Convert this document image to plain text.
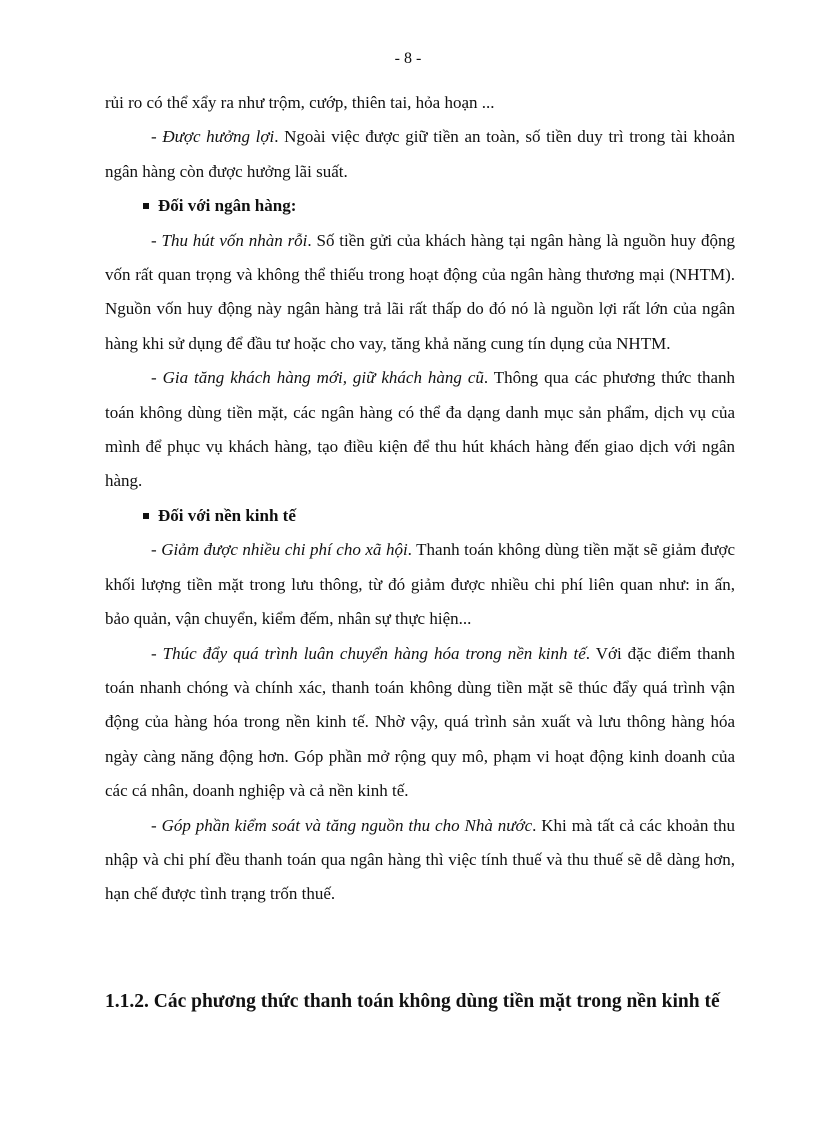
- 8 -

rủi ro có thể xẩy ra như trộm, cướp, thiên tai, hỏa hoạn ...

- Được hưởng lợi. Ngoài việc được giữ tiền an toàn, số tiền duy trì trong tài khoản ngân hàng còn được hưởng lãi suất.

Đối với ngân hàng:

- Thu hút vốn nhàn rỗi. Số tiền gửi của khách hàng tại ngân hàng là nguồn huy động vốn rất quan trọng và không thể thiếu trong hoạt động của ngân hàng thương mại (NHTM). Nguồn vốn huy động này ngân hàng trả lãi rất thấp do đó nó là nguồn lợi rất lớn của ngân hàng khi sử dụng để đầu tư hoặc cho vay, tăng khả năng cung tín dụng của NHTM.

- Gia tăng khách hàng mới, giữ khách hàng cũ. Thông qua các phương thức thanh toán không dùng tiền mặt, các ngân hàng có thể đa dạng danh mục sản phẩm, dịch vụ của mình để phục vụ khách hàng, tạo điều kiện để thu hút khách hàng đến giao dịch với ngân hàng.

Đối với nền kinh tế

- Giảm được nhiều chi phí cho xã hội. Thanh toán không dùng tiền mặt sẽ giảm được khối lượng tiền mặt trong lưu thông, từ đó giảm được nhiều chi phí liên quan như: in ấn, bảo quản, vận chuyển, kiểm đếm, nhân sự thực hiện...

- Thúc đẩy quá trình luân chuyển hàng hóa trong nền kinh tế. Với đặc điểm thanh toán nhanh chóng và chính xác, thanh toán không dùng tiền mặt sẽ thúc đẩy quá trình vận động của hàng hóa trong nền kinh tế. Nhờ vậy, quá trình sản xuất và lưu thông hàng hóa ngày càng năng động hơn. Góp phần mở rộng quy mô, phạm vi hoạt động kinh doanh của các cá nhân, doanh nghiệp và cả nền kinh tế.

- Góp phần kiểm soát và tăng nguồn thu cho Nhà nước. Khi mà tất cả các khoản thu nhập và chi phí đều thanh toán qua ngân hàng thì việc tính thuế và thu thuế sẽ dễ dàng hơn, hạn chế được tình trạng trốn thuế.

1.1.2. Các phương thức thanh toán không dùng tiền mặt trong nền kinh tế
